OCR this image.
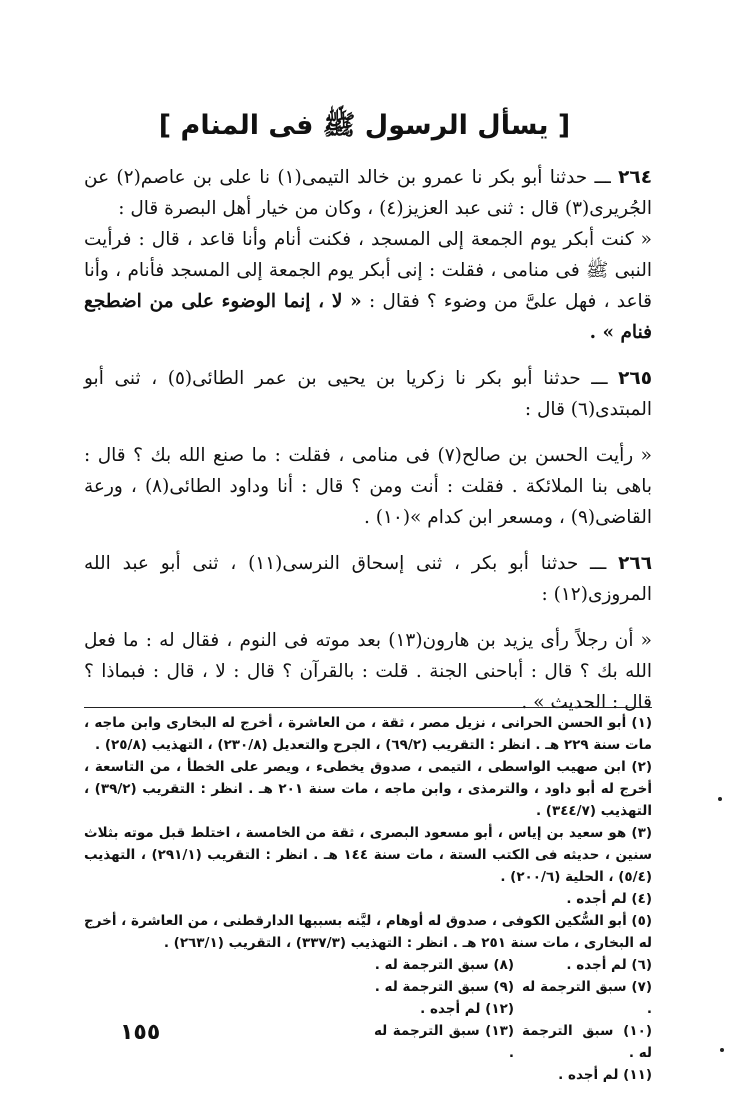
[ يسأل الرسول ﷺ فى المنام ]

٢٦٤ ـــ حدثنا أبو بكر نا عمرو بن خالد التيمى(١) نا على بن عاصم(٢) عن الجُريرى(٣) قال : ثنى عبد العزيز(٤) ، وكان من خيار أهل البصرة قال :

« كنت أبكر يوم الجمعة إلى المسجد ، فكنت أنام وأنا قاعد ، قال : فرأيت النبى ﷺ فى منامى ، فقلت : إنى أبكر يوم الجمعة إلى المسجد فأنام ، وأنا قاعد ، فهل علىَّ من وضوء ؟ فقال : « لا ، إنما الوضوء على من اضطجع فنام » .

٢٦٥ ـــ حدثنا أبو بكر نا زكريا بن يحيى بن عمر الطائى(٥) ، ثنى أبو المبتدى(٦) قال :

« رأيت الحسن بن صالح(٧) فى منامى ، فقلت : ما صنع الله بك ؟ قال : باهى بنا الملائكة . فقلت : أنت ومن ؟ قال : أنا وداود الطائى(٨) ، ورعة القاضى(٩) ، ومسعر ابن كدام »(١٠) .

٢٦٦ ـــ حدثنا أبو بكر ، ثنى إسحاق النرسى(١١) ، ثنى أبو عبد الله المروزى(١٢) :

« أن رجلاً رأى يزيد بن هارون(١٣) بعد موته فى النوم ، فقال له : ما فعل الله بك ؟ قال : أباحنى الجنة . قلت : بالقرآن ؟ قال : لا ، قال : فبماذا ؟ قال : الحديث » .

(١) أبو الحسن الحرانى ، نزيل مصر ، ثقة ، من العاشرة ، أخرج له البخارى وابن ماجه ، مات سنة ٢٢٩ هـ . انظر : التقريب (٦٩/٢) ، الجرح والتعديل (٢٣٠/٨) ، التهذيب (٢٥/٨) .

(٢) ابن صهيب الواسطى ، التيمى ، صدوق يخطىء ، ويصر على الخطأ ، من التاسعة ، أخرج له أبو داود ، والترمذى ، وابن ماجه ، مات سنة ٢٠١ هـ . انظر : التقريب (٣٩/٢) ، التهذيب (٣٤٤/٧) .

(٣) هو سعيد بن إياس ، أبو مسعود البصرى ، ثقة من الخامسة ، اختلط قبل موته بثلاث سنين ، حديثه فى الكتب الستة ، مات سنة ١٤٤ هـ . انظر : التقريب (٢٩١/١) ، التهذيب (٥/٤) ، الحلية (٢٠٠/٦) .

(٤) لم أجده .

(٥) أبو السُّكين الكوفى ، صدوق له أوهام ، ليَّنه بسببها الدارقطنى ، من العاشرة ، أخرج له البخارى ، مات سنة ٢٥١ هـ . انظر : التهذيب (٣٣٧/٣) ، التقريب (٢٦٣/١) .

(٦) لم أجده .
(٧) سبق الترجمة له .
(١٠) سبق الترجمة له .
(١١) لم أجده .
(٨) سبق الترجمة له .
(٩) سبق الترجمة له .
(١٢) لم أجده .
(١٣) سبق الترجمة له .
١٥٥
